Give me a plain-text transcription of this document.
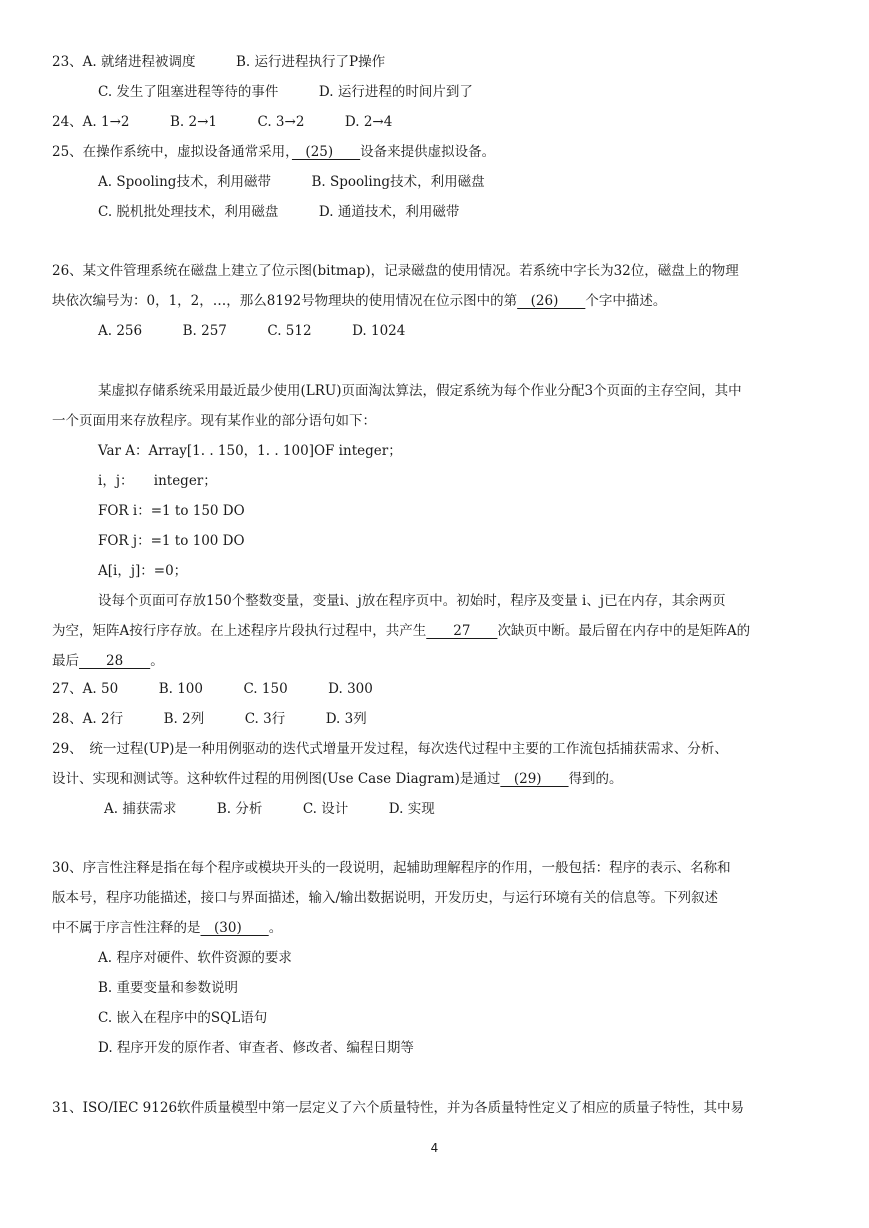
23、A. 就绪进程被调度　　　B. 运行进程执行了P操作
C. 发生了阻塞进程等待的事件　　　D. 运行进程的时间片到了
24、A. 1→2　　　B. 2→1　　　C. 3→2　　　D. 2→4
25、在操作系统中，虚拟设备通常采用，　(25)　　设备来提供虚拟设备。
A. Spooling技术，利用磁带　　　B. Spooling技术，利用磁盘
C. 脱机批处理技术，利用磁盘　　　D. 通道技术，利用磁带
26、某文件管理系统在磁盘上建立了位示图(bitmap)，记录磁盘的使用情况。若系统中字长为32位，磁盘上的物理
块依次编号为：0，1，2，…，那么8192号物理块的使用情况在位示图中的第　(26)　　个字中描述。
A. 256　　　B. 257　　　C. 512　　　D. 1024
某虚拟存储系统采用最近最少使用(LRU)页面淘汰算法，假定系统为每个作业分配3个页面的主存空间，其中
一个页面用来存放程序。现有某作业的部分语句如下：
Var A：Array[1. . 150，1. . 100]OF integer；
i，j：　　integer；
FOR i：=1 to 150 DO
FOR j：=1 to 100 DO
A[i，j]：=0；
设每个页面可存放150个整数变量，变量i、j放在程序页中。初始时，程序及变量 i、j已在内存，其余两页
为空，矩阵A按行序存放。在上述程序片段执行过程中，共产生　　27　　次缺页中断。最后留在内存中的是矩阵A的
最后　　28　　。
27、A. 50　　　B. 100　　　C. 150　　　D. 300
28、A. 2行　　　B. 2列　　　C. 3行　　　D. 3列
29、　统一过程(UP)是一种用例驱动的迭代式增量开发过程，每次迭代过程中主要的工作流包括捕获需求、分析、
设计、实现和测试等。这种软件过程的用例图(Use Case Diagram)是通过　(29)　　得到的。
A. 捕获需求　　　B. 分析　　　C. 设计　　　D. 实现
30、序言性注释是指在每个程序或模块开头的一段说明，起辅助理解程序的作用，一般包括：程序的表示、名称和
版本号，程序功能描述，接口与界面描述，输入/输出数据说明，开发历史，与运行环境有关的信息等。下列叙述
中不属于序言性注释的是　(30)　　。
A. 程序对硬件、软件资源的要求
B. 重要变量和参数说明
C. 嵌入在程序中的SQL语句
D. 程序开发的原作者、审查者、修改者、编程日期等
31、ISO/IEC 9126软件质量模型中第一层定义了六个质量特性，并为各质量特性定义了相应的质量子特性，其中易
4
